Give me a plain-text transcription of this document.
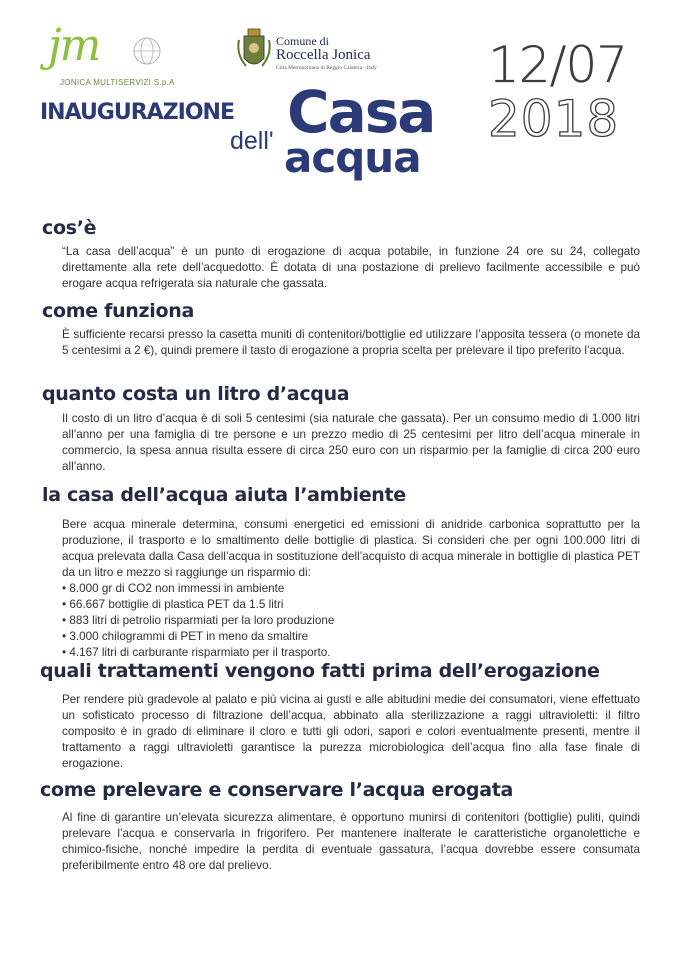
jm
JONICA MULTISERVIZI S.p.A
Comune di
Roccella Jonica
Città Metropolitana di Reggio Calabria - Italy 12/07
2018
INAUGURAZIONE
dell' Casa
acqua
cos’è

“La casa dell’acqua” è un punto di erogazione di acqua potabile, in funzione 24 ore su 24, collegato direttamente alla rete dell’acquedotto. È dotata di una postazione di prelievo facilmente accessibile e può erogare acqua refrigerata sia naturale che gassata.

come funziona

È sufficiente recarsi presso la casetta muniti di contenitori/bottiglie ed utilizzare l’apposita tessera (o monete da 5 centesimi a 2 €), quindi premere il tasto di erogazione a propria scelta per prelevare il tipo preferito l’acqua.

quanto costa un litro d’acqua

Il costo di un litro d’acqua è di soli 5 centesimi (sia naturale che gassata). Per un consumo medio di 1.000 litri all’anno per una famiglia di tre persone e un prezzo medio di 25 centesimi per litro dell’acqua minerale in commercio, la spesa annua risulta essere di circa 250 euro con un risparmio per la famiglie di circa 200 euro all’anno.

la casa dell’acqua aiuta l’ambiente
Bere acqua minerale determina, consumi energetici ed emissioni di anidride carbonica soprattutto per la produzione, il trasporto e lo smaltimento delle bottiglie di plastica. Si consideri che per ogni 100.000 litri di acqua prelevata dalla Casa dell’acqua in sostituzione dell’acquisto di acqua minerale in bottiglie di plastica PET da un litro e mezzo si raggiunge un risparmio di:
• 8.000 gr di CO2 non immessi in ambiente
• 66.667 bottiglie di plastica PET da 1.5 litri
• 883 litri di petrolio risparmiati per la loro produzione
• 3.000 chilogrammi di PET in meno da smaltire
• 4.167 litri di carburante risparmiato per il trasporto.
quali trattamenti vengono fatti prima dell’erogazione

Per rendere più gradevole al palato e più vicina ai gusti e alle abitudini medie dei consumatori, viene effettuato un sofisticato processo di filtrazione dell’acqua, abbinato alla sterilizzazione a raggi ultravioletti: il filtro composito è in grado di eliminare il cloro e tutti gli odori, sapori e colori eventualmente presenti, mentre il trattamento a raggi ultravioletti garantisce la purezza microbiologica dell’acqua fino alla fase finale di erogazione.

come prelevare e conservare l’acqua erogata

Al fine di garantire un’elevata sicurezza alimentare, è opportuno munirsi di contenitori (bottiglie) puliti, quindi prelevare l’acqua e conservarla in frigorifero. Per mantenere inalterate le caratteristiche organolettiche e chimico-fisiche, nonché impedire la perdita di eventuale gassatura, l’acqua dovrebbe essere consumata preferibilmente entro 48 ore dal prelievo.
